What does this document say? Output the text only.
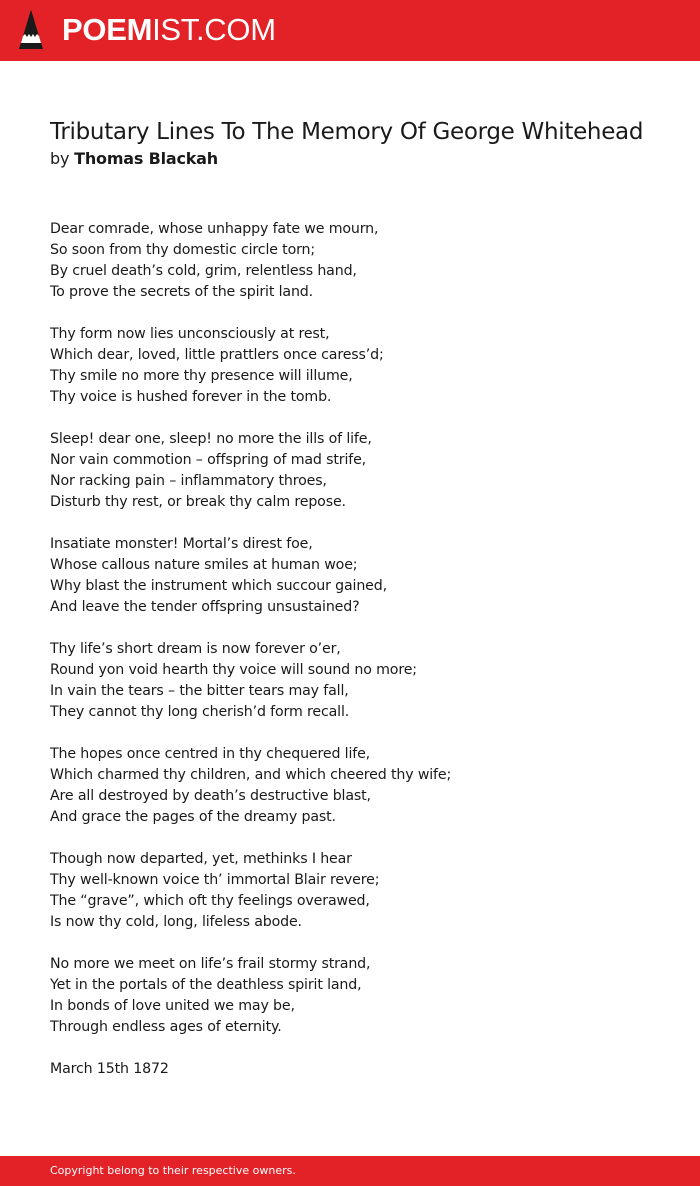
POEMIST.COM
Tributary Lines To The Memory Of George Whitehead
by Thomas Blackah
Dear comrade, whose unhappy fate we mourn,
So soon from thy domestic circle torn;
By cruel death’s cold, grim, relentless hand,
To prove the secrets of the spirit land.
Thy form now lies unconsciously at rest,
Which dear, loved, little prattlers once caress’d;
Thy smile no more thy presence will illume,
Thy voice is hushed forever in the tomb.
Sleep! dear one, sleep! no more the ills of life,
Nor vain commotion – offspring of mad strife,
Nor racking pain – inflammatory throes,
Disturb thy rest, or break thy calm repose.
Insatiate monster! Mortal’s direst foe,
Whose callous nature smiles at human woe;
Why blast the instrument which succour gained,
And leave the tender offspring unsustained?
Thy life’s short dream is now forever o’er,
Round yon void hearth thy voice will sound no more;
In vain the tears – the bitter tears may fall,
They cannot thy long cherish’d form recall.
The hopes once centred in thy chequered life,
Which charmed thy children, and which cheered thy wife;
Are all destroyed by death’s destructive blast,
And grace the pages of the dreamy past.
Though now departed, yet, methinks I hear
Thy well-known voice th’ immortal Blair revere;
The “grave”, which oft thy feelings overawed,
Is now thy cold, long, lifeless abode.
No more we meet on life’s frail stormy strand,
Yet in the portals of the deathless spirit land,
In bonds of love united we may be,
Through endless ages of eternity.
March 15th 1872
Copyright belong to their respective owners.
